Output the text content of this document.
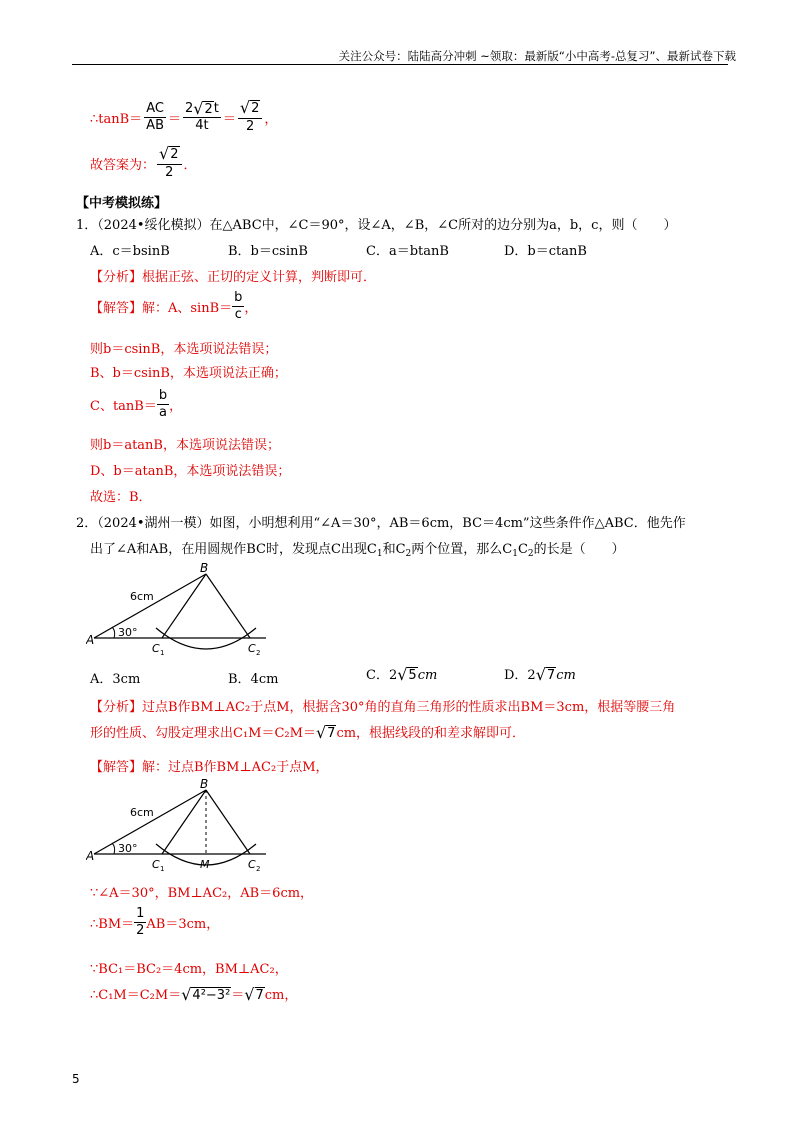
关注公众号：陆陆高分冲刺 ~领取：最新版“小中高考-总复习”、最新试卷下载
∴tanB＝ $\frac{AC}{AB} = \frac{2 √ 2 t}{4t} = \frac{√ 2}{2}$ ，
故答案为： $\frac{√ 2}{2}$ ．
【中考模拟练】
1．（2024•绥化模拟）在△ABC中，∠C＝90°，设∠A，∠B，∠C所对的边分别为a，b，c，则（　　）
A．c＝bsinB	B．b＝csinB	C．a＝btanB	D．b＝ctanB
【分析】根据正弦、正切的定义计算，判断即可．
【解答】解：A、$\sin B= \frac{b}{c}$ ，
则b＝csinB，本选项说法错误；
B、b＝csinB，本选项说法正确；
C、$\tan B= \frac{b}{a}$ ，
则b＝atanB，本选项说法错误；
D、b＝atanB，本选项说法错误；
故选：B．
2．（2024•湖州一模）如图，小明想利用“∠A＝30°，AB＝6cm，BC＝4cm”这些条件作△ABC．他先作
出了∠A和AB，在用圆规作BC时，发现点C出现$C_1$和$C_2$两个位置，那么$C_1C_2$的长是（　　）
B
A
6cm
30°
C 1	C 2
A．3cm	B．4cm	C．2 √ 5 cm	D．2 √ 7 cm
【分析】过点B作BM⊥AC₂于点M，根据含30°角的直角三角形的性质求出BM＝3cm，根据等腰三角
形的性质、勾股定理求出C₁M＝C₂M＝ √ 7 cm，根据线段的和差求解即可．
【解答】解：过点B作BM⊥AC₂于点M，
B
A
6cm
30°
C 1	M	C 2
∵∠A＝30°，BM⊥AC₂，AB＝6cm，
∴BM＝ $\frac{1}{2} AB=3cm$，
∵BC₁＝BC₂＝4cm，BM⊥AC₂，
∴C₁M＝C₂M＝ √ 4²−3² ＝ √ 7 cm，
5
